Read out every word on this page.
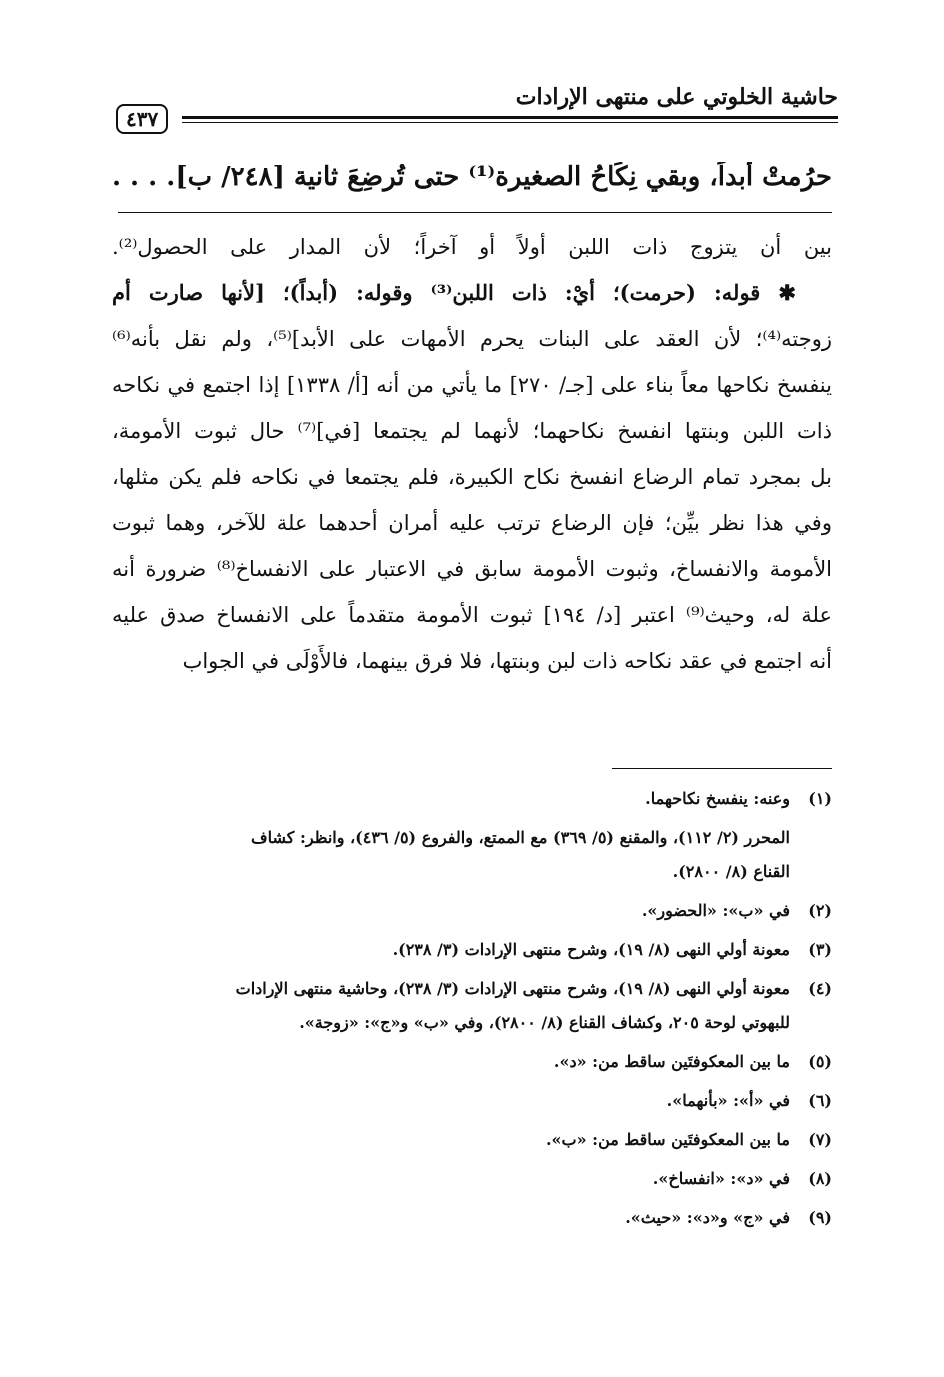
حاشية الخلوتي على منتهى الإرادات
٤٣٧
حرُمتْ أبداً، وبقي نِكَاحُ الصغيرة⁽¹⁾ حتى تُرضِعَ ثانية [٢٤٨/ ب]. . . .
بين أن يتزوج ذات اللبن أولاً أو آخراً؛ لأن المدار على الحصول⁽²⁾.
✱ قوله: (حرمت)؛ أيْ: ذات اللبن⁽³⁾ وقوله: (أبداً)؛ [لأنها صارت أم
زوجته⁽⁴⁾؛ لأن العقد على البنات يحرم الأمهات على الأبد]⁽⁵⁾، ولم نقل بأنه⁽⁶⁾
ينفسخ نكاحها معاً بناء على [جـ/ ٢٧٠] ما يأتي من أنه [أ/ ١٣٣٨] إذا اجتمع في نكاحه
ذات اللبن وبنتها انفسخ نكاحهما؛ لأنهما لم يجتمعا [في]⁽⁷⁾ حال ثبوت الأمومة،
بل بمجرد تمام الرضاع انفسخ نكاح الكبيرة، فلم يجتمعا في نكاحه فلم يكن مثلها،
وفي هذا نظر بيِّن؛ فإن الرضاع ترتب عليه أمران أحدهما علة للآخر، وهما ثبوت
الأمومة والانفساخ، وثبوت الأمومة سابق في الاعتبار على الانفساخ⁽⁸⁾ ضرورة أنه
علة له، وحيث⁽⁹⁾ اعتبر [د/ ١٩٤] ثبوت الأمومة متقدماً على الانفساخ صدق عليه
أنه اجتمع في عقد نكاحه ذات لبن وبنتها، فلا فرق بينهما، فالأَوْلَى في الجواب
(١)
وعنه: ينفسخ نكاحهما.
المحرر (٢/ ١١٢)، والمقنع (٥/ ٣٦٩) مع الممتع، والفروع (٥/ ٤٣٦)، وانظر: كشاف
القناع (٨/ ٢٨٠٠).
(٢)
في «ب»: «الحضور».
(٣)
معونة أولي النهى (٨/ ١٩)، وشرح منتهى الإرادات (٣/ ٢٣٨).
(٤)
معونة أولي النهى (٨/ ١٩)، وشرح منتهى الإرادات (٣/ ٢٣٨)، وحاشية منتهى الإرادات
للبهوتي لوحة ٢٠٥، وكشاف القناع (٨/ ٢٨٠٠)، وفي «ب» و«ج»: «زوجة».
(٥)
ما بين المعكوفتَين ساقط من: «د».
(٦)
في «أ»: «بأنهما».
(٧)
ما بين المعكوفتَين ساقط من: «ب».
(٨)
في «د»: «انفساخ».
(٩)
في «ج» و«د»: «حيث».
